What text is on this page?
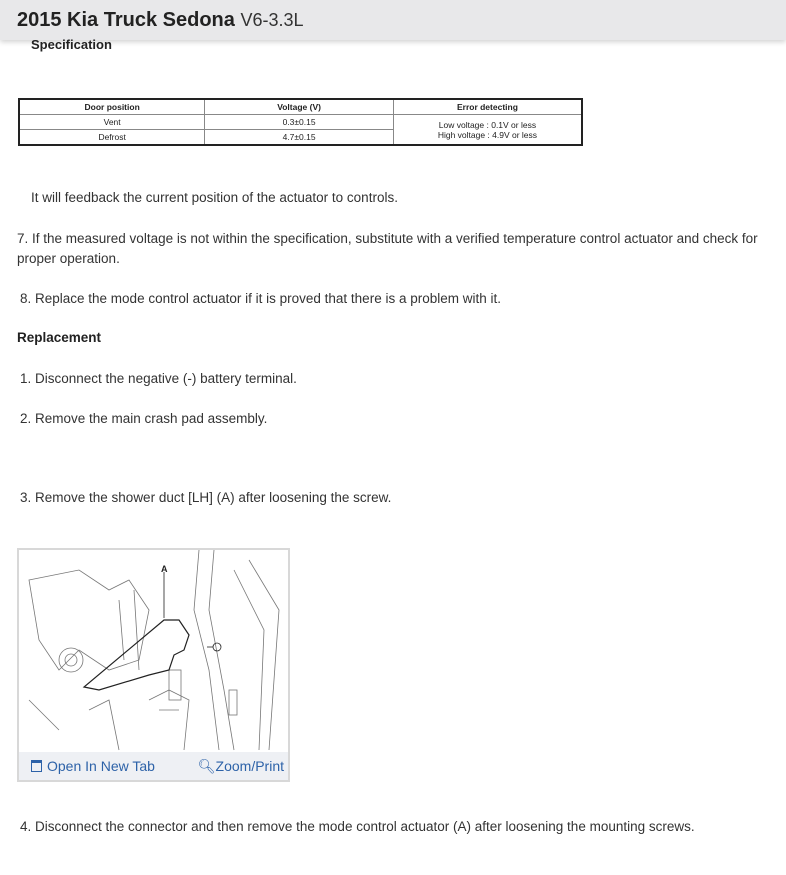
2015 Kia Truck Sedona V6-3.3L
Specification
Door position	Voltage (V)	Error detecting
Vent	0.3±0.15	Low voltage : 0.1V or less
High voltage : 4.9V or less

Defrost	4.7±0.15	
It will feedback the current position of the actuator to controls.
7. If the measured voltage is not within the specification, substitute with a verified temperature control actuator and check for proper operation.
8. Replace the mode control actuator if it is proved that there is a problem with it.
Replacement
1. Disconnect the negative (-) battery terminal.
2. Remove the main crash pad assembly.
3. Remove the shower duct [LH] (A) after loosening the screw.
A
Open In New Tab	🔍︎Zoom/Print
4. Disconnect the connector and then remove the mode control actuator (A) after loosening the mounting screws.
